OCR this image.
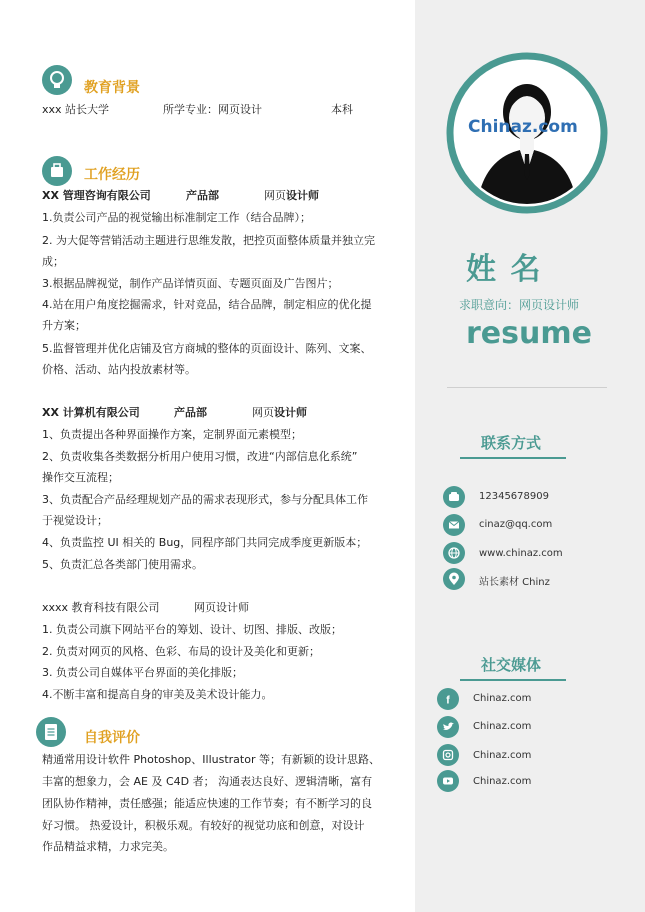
教育背景
xxx 站长大学	所学专业：网页设计	本科
工作经历
XX 管理咨询有限公司	产品部	网页设计师
1.负责公司产品的视觉输出标准制定工作（结合品牌）；
2. 为大促等营销活动主题进行思维发散，把控页面整体质量并独立完
成；
3.根据品牌视觉，制作产品详情页面、专题页面及广告图片；
4.站在用户角度挖掘需求，针对竞品，结合品牌，制定相应的优化提
升方案；
5.监督管理并优化店铺及官方商城的整体的页面设计、陈列、文案、
价格、活动、站内投放素材等。
XX 计算机有限公司	产品部	网页设计师
1、负责提出各种界面操作方案，定制界面元素模型；
2、负责收集各类数据分析用户使用习惯，改进“内部信息化系统”
操作交互流程；
3、负责配合产品经理规划产品的需求表现形式，参与分配具体工作
于视觉设计；
4、负责监控 UI 相关的 Bug，同程序部门共同完成季度更新版本；
5、负责汇总各类部门使用需求。
xxxx 教育科技有限公司	网页设计师
1. 负责公司旗下网站平台的筹划、设计、切图、排版、改版；
2. 负责对网页的风格、色彩、布局的设计及美化和更新；
3. 负责公司自媒体平台界面的美化排版；
4.不断丰富和提高自身的审美及美术设计能力。
自我评价
精通常用设计软件 Photoshop、Illustrator 等；有新颖的设计思路、
丰富的想象力，会 AE 及 C4D 者； 沟通表达良好、逻辑清晰，富有
团队协作精神，责任感强；能适应快速的工作节奏；有不断学习的良
好习惯。 热爱设计，积极乐观。有较好的视觉功底和创意，对设计
作品精益求精，力求完美。
Chinaz.com
姓 名
求职意向：网页设计师
resume
联系方式
12345678909
cinaz@qq.com
www.chinaz.com
站长素材 Chinz
社交媒体
f Chinaz.com
Chinaz.com
Chinaz.com
Chinaz.com
